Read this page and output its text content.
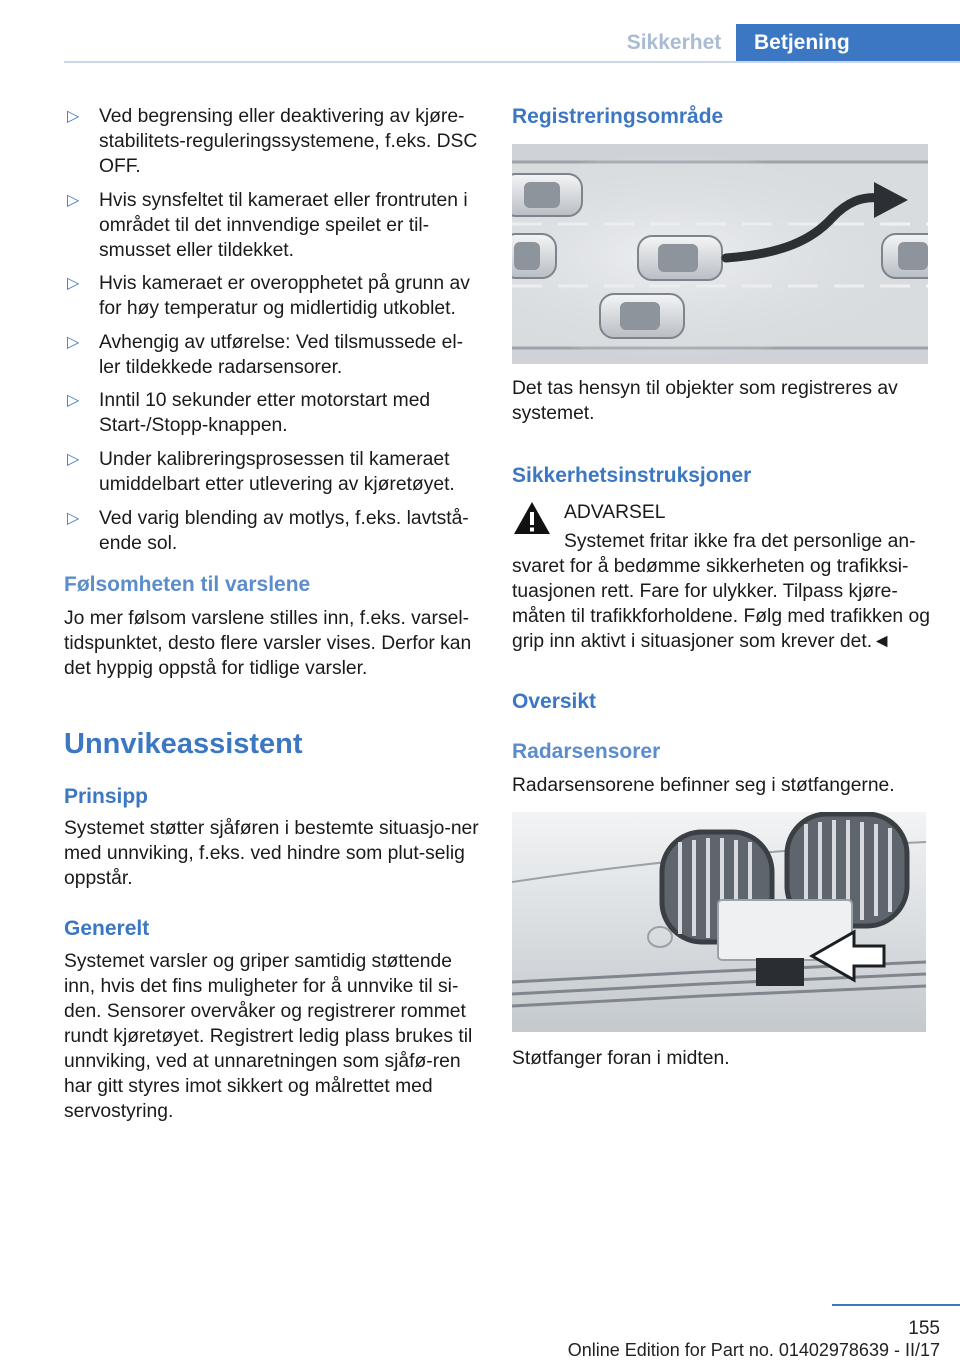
Sikkerhet	Betjening
▷ Ved begrensing eller deaktivering av kjøre-stabilitets-reguleringssystemene, f.eks. DSC OFF.
▷ Hvis synsfeltet til kameraet eller frontruten i området til det innvendige speilet er til-smusset eller tildekket.
▷ Hvis kameraet er overopphetet på grunn av for høy temperatur og midlertidig utkoblet.
▷ Avhengig av utførelse: Ved tilsmussede el-ler tildekkede radarsensorer.
▷ Inntil 10 sekunder etter motorstart med Start-/Stopp-knappen.
▷ Under kalibreringsprosessen til kameraet umiddelbart etter utlevering av kjøretøyet.
▷ Ved varig blending av motlys, f.eks. lavtstå-ende sol.
Følsomheten til varslene

Jo mer følsom varslene stilles inn, f.eks. varsel-tidspunktet, desto flere varsler vises. Derfor kan det hyppig oppstå for tidlige varsler.

Unnvikeassistent
Prinsipp

Systemet støtter sjåføren i bestemte situasjo-ner med unnviking, f.eks. ved hindre som plut-selig oppstår.

Generelt

Systemet varsler og griper samtidig støttende inn, hvis det fins muligheter for å unnvike til si-den. Sensorer overvåker og registrerer rommet rundt kjøretøyet. Registrert ledig plass brukes til unnviking, ved at unnaretningen som sjåfø-ren har gitt styres imot sikkert og målrettet med servostyring.

Registreringsområde

Det tas hensyn til objekter som registreres av systemet.

Sikkerhetsinstruksjoner
ADVARSEL

Systemet fritar ikke fra det personlige an-svaret for å bedømme sikkerheten og trafikksi-tuasjonen rett. Fare for ulykker. Tilpass kjøre-måten til trafikkforholdene. Følg med trafikken og grip inn aktivt i situasjoner som krever det.◄

Oversikt
Radarsensorer

Radarsensorene befinner seg i støtfangerne.

Støtfanger foran i midten.

155
Online Edition for Part no. 01402978639 - II/17
